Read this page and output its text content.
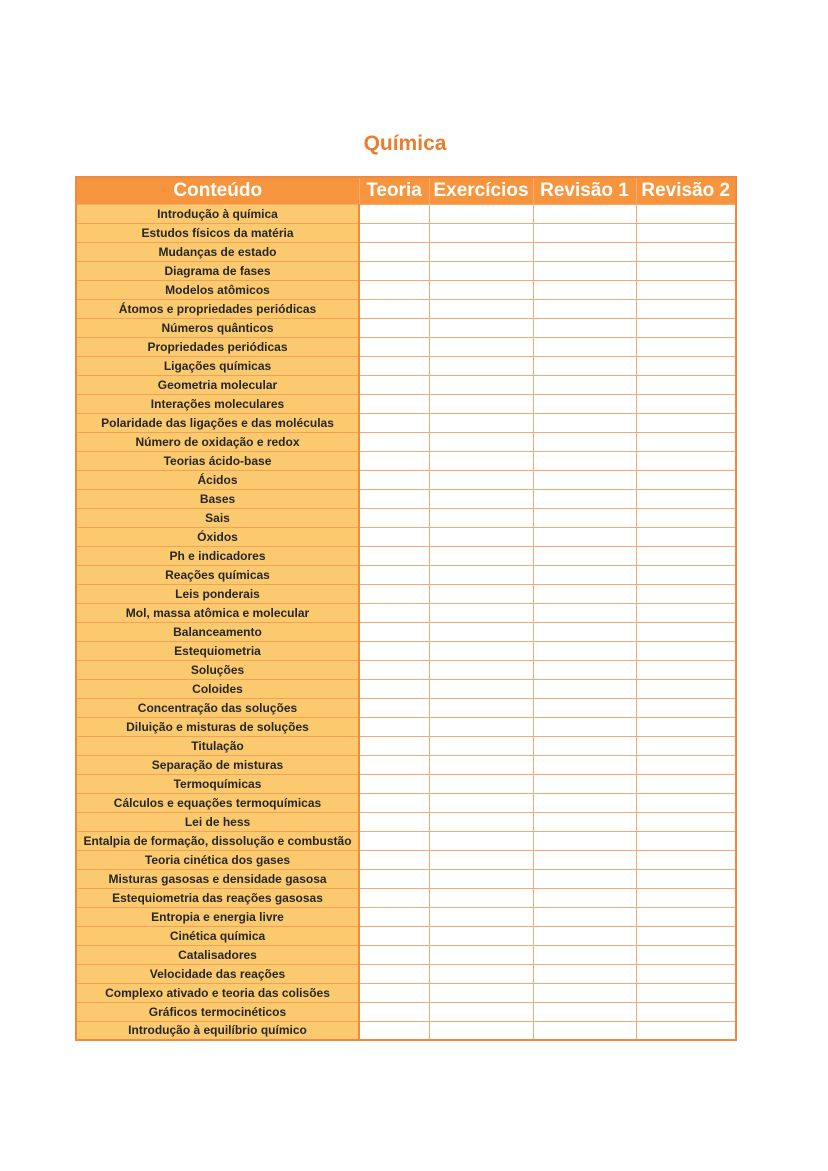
Química
Conteúdo	Teoria	Exercícios	Revisão 1	Revisão 2
Introdução à química				
Estudos físicos da matéria				
Mudanças de estado				
Diagrama de fases				
Modelos atômicos				
Átomos e propriedades periódicas				
Números quânticos				
Propriedades periódicas				
Ligações químicas				
Geometria molecular				
Interações moleculares				
Polaridade das ligações e das moléculas				
Número de oxidação e redox				
Teorias ácido-base				
Ácidos				
Bases				
Sais				
Óxidos				
Ph e indicadores				
Reações químicas				
Leis ponderais				
Mol, massa atômica e molecular				
Balanceamento				
Estequiometria				
Soluções				
Coloides				
Concentração das soluções				
Diluição e misturas de soluções				
Titulação				
Separação de misturas				
Termoquímicas				
Cálculos e equações termoquímicas				
Lei de hess				
Entalpia de formação, dissolução e combustão				
Teoria cinética dos gases				
Misturas gasosas e densidade gasosa				
Estequiometria das reações gasosas				
Entropia e energia livre				
Cinética química				
Catalisadores				
Velocidade das reações				
Complexo ativado e teoria das colisões				
Gráficos termocinéticos				
Introdução à equilíbrio químico				
